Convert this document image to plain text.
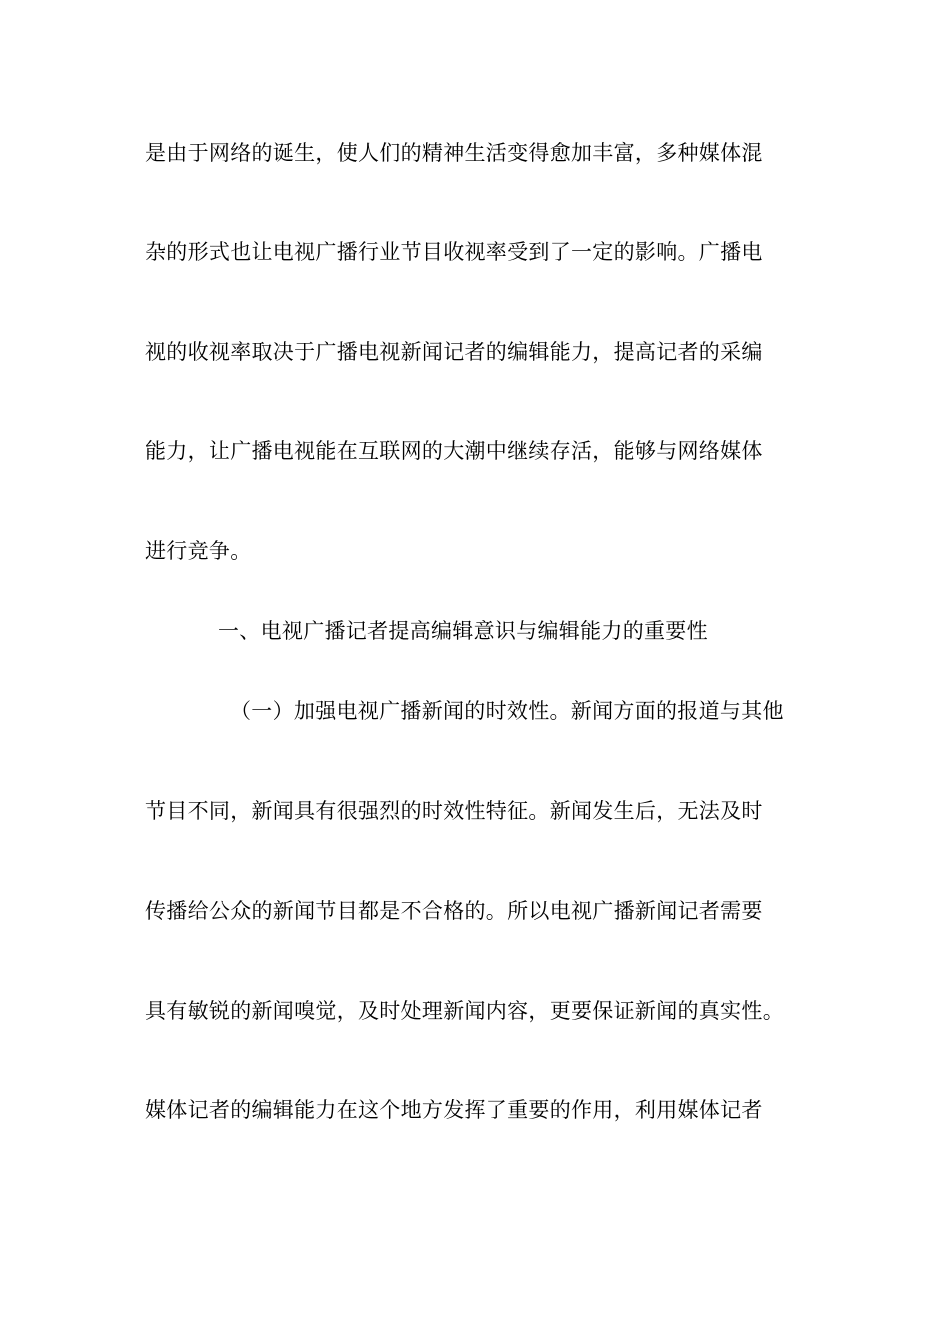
是由于网络的诞生，使人们的精神生活变得愈加丰富，多种媒体混
杂的形式也让电视广播行业节目收视率受到了一定的影响。广播电
视的收视率取决于广播电视新闻记者的编辑能力，提高记者的采编
能力，让广播电视能在互联网的大潮中继续存活，能够与网络媒体
进行竞争。
一、电视广播记者提高编辑意识与编辑能力的重要性
（一）加强电视广播新闻的时效性。新闻方面的报道与其他
节目不同，新闻具有很强烈的时效性特征。新闻发生后，无法及时
传播给公众的新闻节目都是不合格的。所以电视广播新闻记者需要
具有敏锐的新闻嗅觉，及时处理新闻内容，更要保证新闻的真实性。
媒体记者的编辑能力在这个地方发挥了重要的作用，利用媒体记者
